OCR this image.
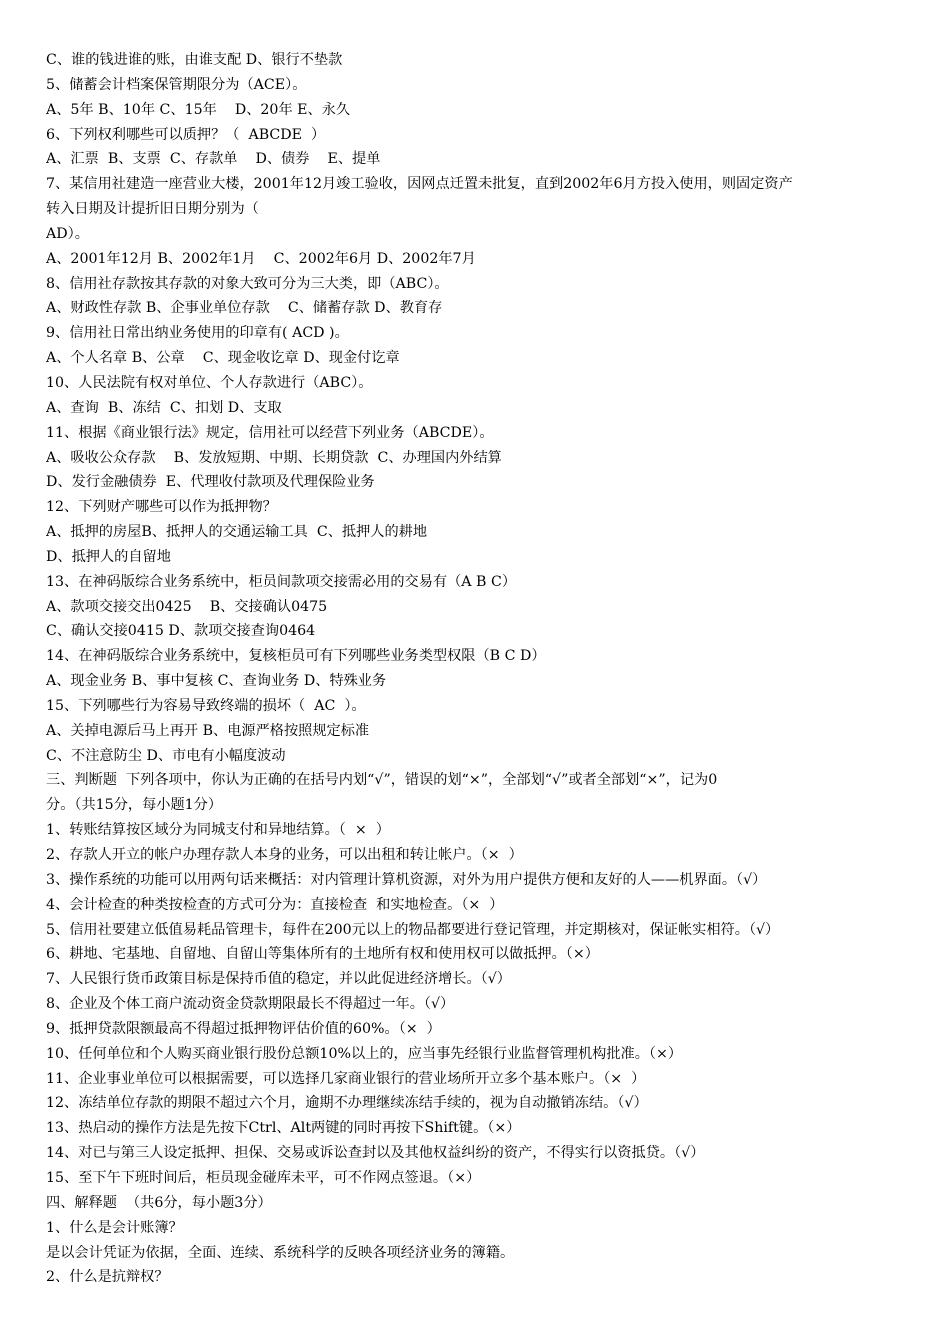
C、谁的钱进谁的账，由谁支配 D、银行不垫款
5、储蓄会计档案保管期限分为（ACE）。
A、5年 B、10年 C、15年    D、20年 E、永久
6、下列权利哪些可以质押？（  ABCDE  ）
A、汇票  B、支票  C、存款单    D、债券    E、提单
7、某信用社建造一座营业大楼，2001年12月竣工验收，因网点迁置未批复，直到2002年6月方投入使用，则固定资产
转入日期及计提折旧日期分别为（
AD）。
A、2001年12月 B、2002年1月    C、2002年6月 D、2002年7月
8、信用社存款按其存款的对象大致可分为三大类，即（ABC）。
A、财政性存款 B、企事业单位存款    C、储蓄存款 D、教育存
9、信用社日常出纳业务使用的印章有( ACD )。
A、个人名章 B、公章    C、现金收讫章 D、现金付讫章
10、人民法院有权对单位、个人存款进行（ABC）。
A、查询  B、冻结  C、扣划 D、支取
11、根据《商业银行法》规定，信用社可以经营下列业务（ABCDE）。
A、吸收公众存款    B、发放短期、中期、长期贷款  C、办理国内外结算
D、发行金融债券  E、代理收付款项及代理保险业务
12、下列财产哪些可以作为抵押物？
A、抵押的房屋B、抵押人的交通运输工具  C、抵押人的耕地
D、抵押人的自留地
13、在神码版综合业务系统中，柜员间款项交接需必用的交易有（A B C）
A、款项交接交出0425    B、交接确认0475
C、确认交接0415 D、款项交接查询0464
14、在神码版综合业务系统中，复核柜员可有下列哪些业务类型权限（B C D）
A、现金业务 B、事中复核 C、查询业务 D、特殊业务
15、下列哪些行为容易导致终端的损坏（  AC  ）。
A、关掉电源后马上再开 B、电源严格按照规定标准
C、不注意防尘 D、市电有小幅度波动
三、判断题  下列各项中，你认为正确的在括号内划“√”，错误的划“×”，全部划“√”或者全部划“×”，记为0
分。（共15分，每小题1分）
1、转账结算按区域分为同城支付和异地结算。（  ×  ）
2、存款人开立的帐户办理存款人本身的业务，可以出租和转让帐户。（×  ）
3、操作系统的功能可以用两句话来概括：对内管理计算机资源，对外为用户提供方便和友好的人——机界面。（√）
4、会计检查的种类按检查的方式可分为：直接检查  和实地检查。（×  ）
5、信用社要建立低值易耗品管理卡，每件在200元以上的物品都要进行登记管理，并定期核对，保证帐实相符。（√）
6、耕地、宅基地、自留地、自留山等集体所有的土地所有权和使用权可以做抵押。（×）
7、人民银行货币政策目标是保持币值的稳定，并以此促进经济增长。（√）
8、企业及个体工商户流动资金贷款期限最长不得超过一年。（√）
9、抵押贷款限额最高不得超过抵押物评估价值的60%。（×  ）
10、任何单位和个人购买商业银行股份总额10%以上的，应当事先经银行业监督管理机构批准。（×）
11、企业事业单位可以根据需要，可以选择几家商业银行的营业场所开立多个基本账户。（×  ）
12、冻结单位存款的期限不超过六个月，逾期不办理继续冻结手续的，视为自动撤销冻结。（√）
13、热启动的操作方法是先按下Ctrl、Alt两键的同时再按下Shift键。（×）
14、对已与第三人设定抵押、担保、交易或诉讼查封以及其他权益纠纷的资产，不得实行以资抵贷。（√）
15、至下午下班时间后，柜员现金碰库未平，可不作网点签退。（×）
四、解释题  （共6分，每小题3分）
1、什么是会计账簿？
是以会计凭证为依据，全面、连续、系统科学的反映各项经济业务的簿籍。
2、什么是抗辩权？
